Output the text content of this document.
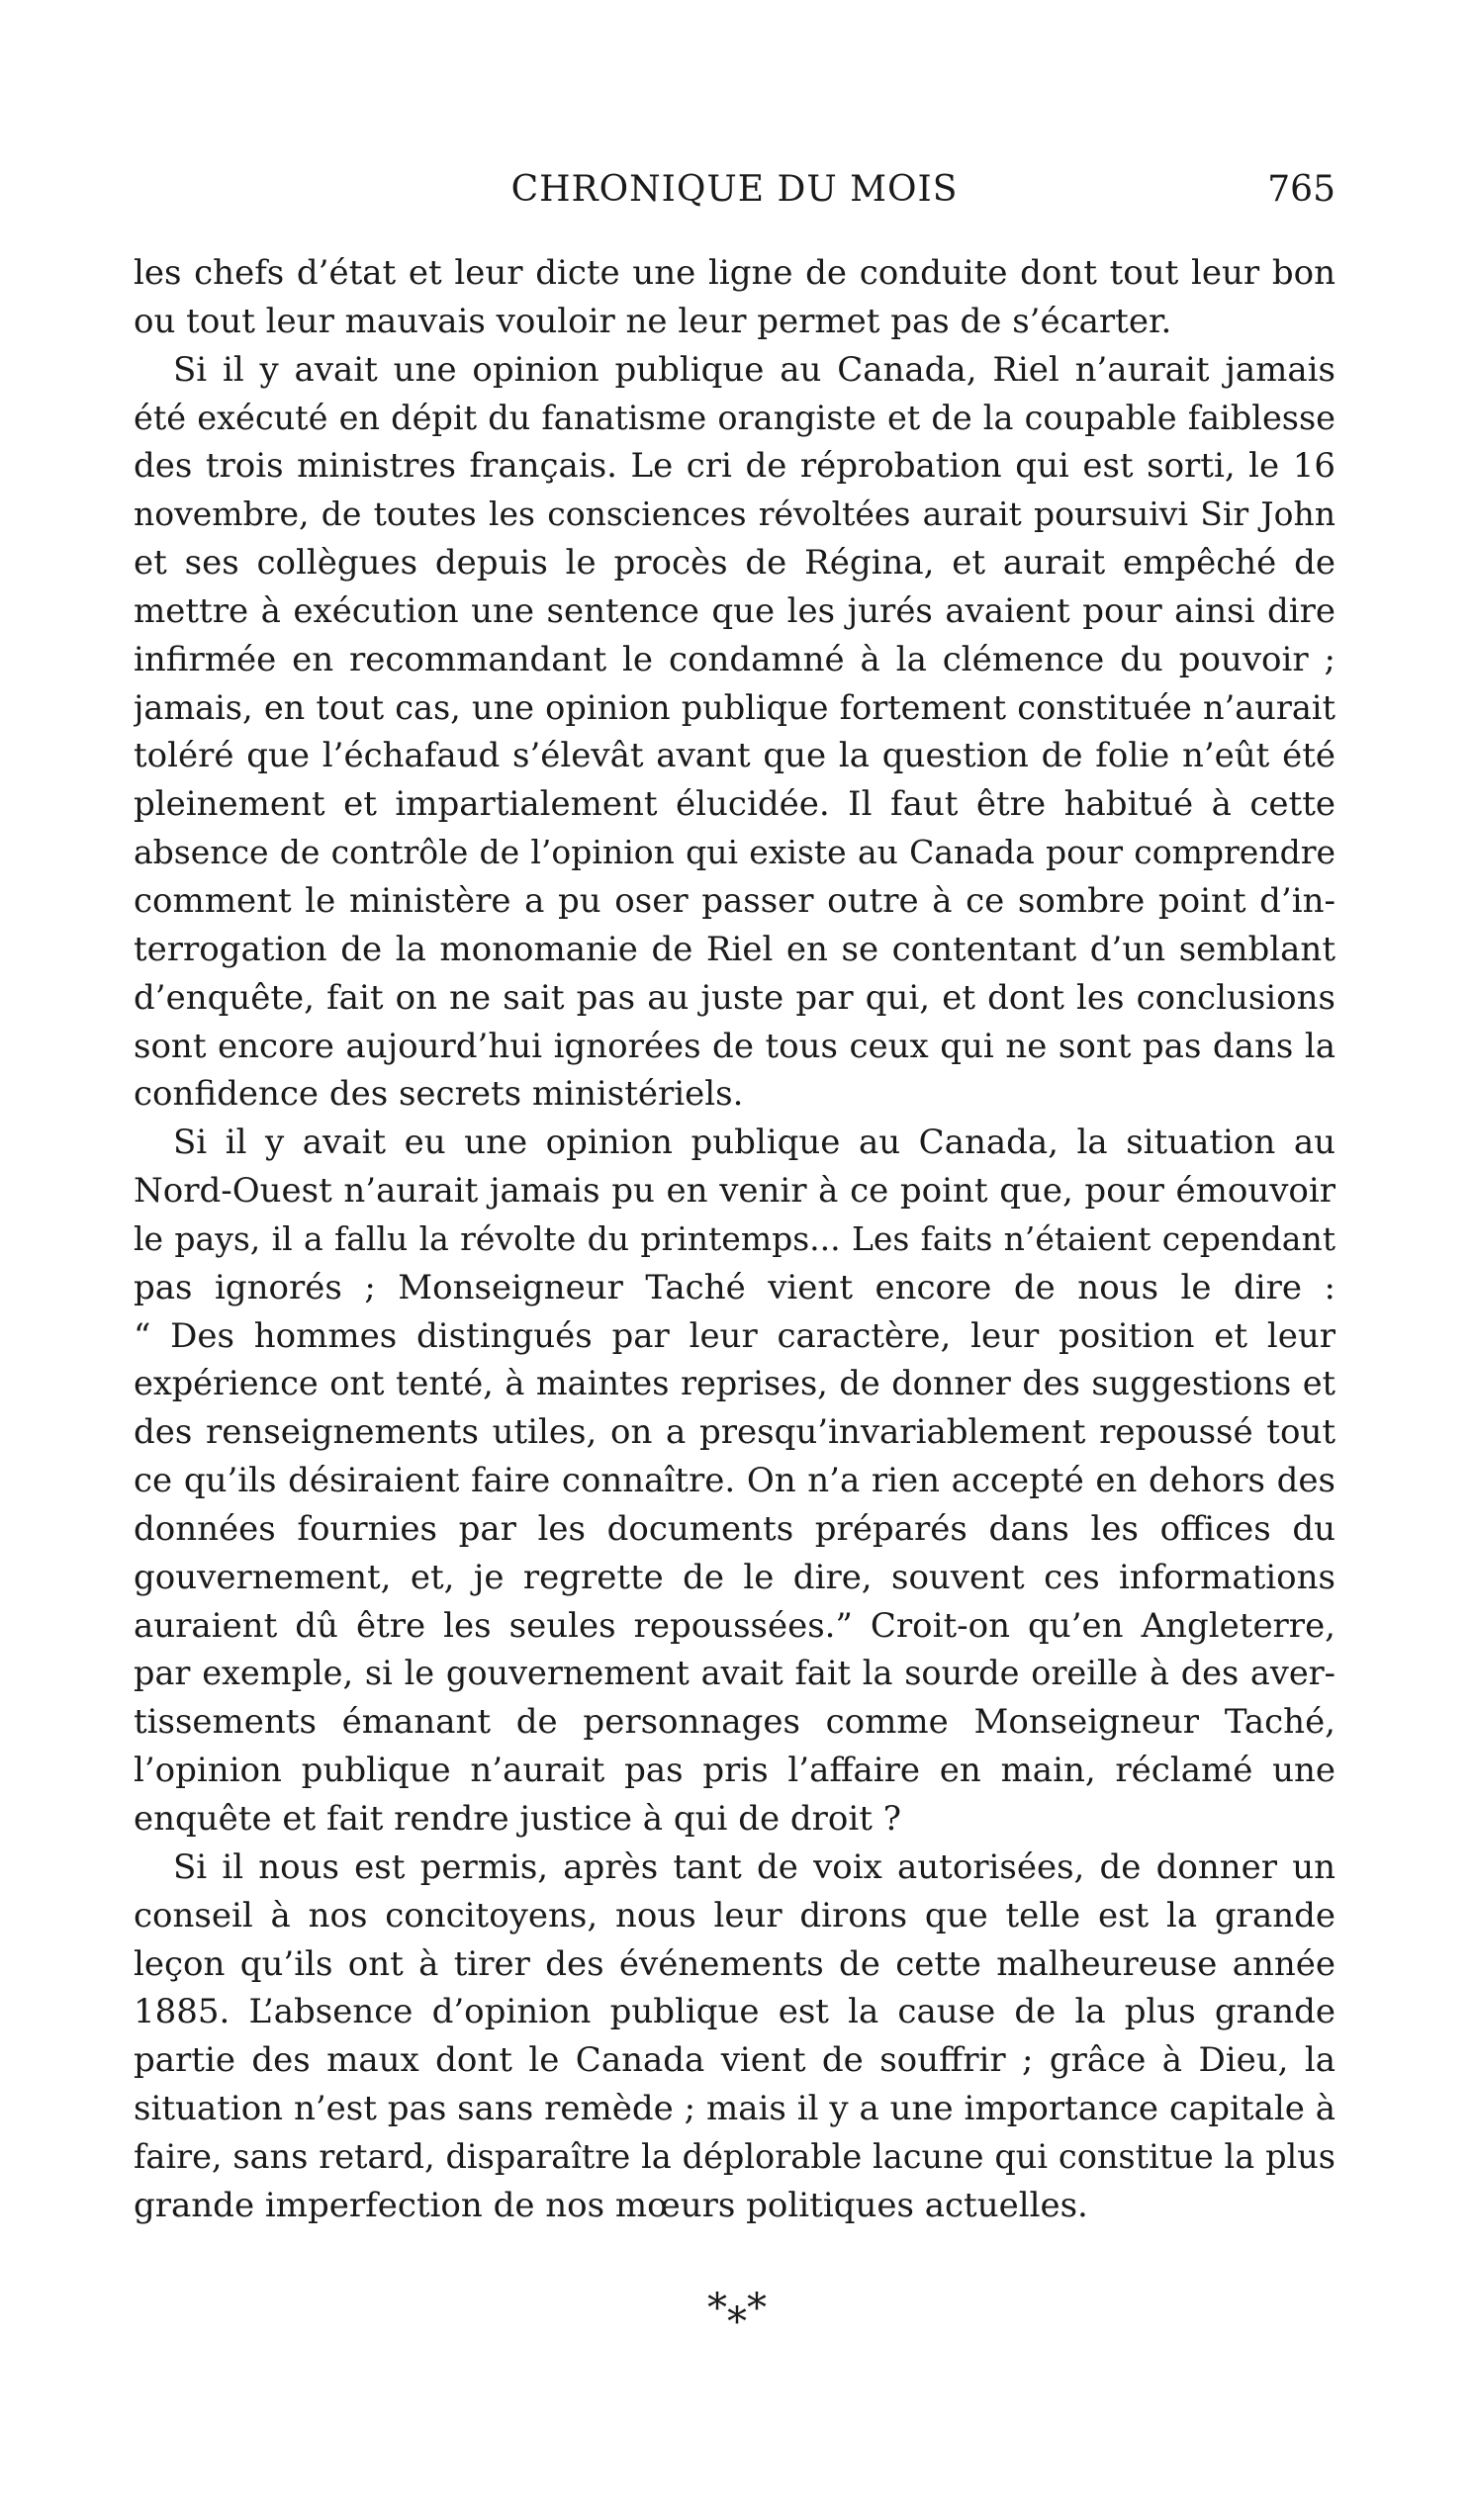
CHRONIQUE DU MOIS	765
les chefs d’état et leur dicte une ligne de conduite dont tout leur bon
ou tout leur mauvais vouloir ne leur permet pas de s’écarter.
Si il y avait une opinion publique au Canada, Riel n’aurait jamais
été exécuté en dépit du fanatisme orangiste et de la coupable faiblesse
des trois ministres français. Le cri de réprobation qui est sorti, le 16
novembre, de toutes les consciences révoltées aurait poursuivi Sir John
et ses collègues depuis le procès de Régina, et aurait empêché de
mettre à exécution une sentence que les jurés avaient pour ainsi dire
infirmée en recommandant le condamné à la clémence du pouvoir ;
jamais, en tout cas, une opinion publique fortement constituée n’aurait
toléré que l’échafaud s’élevât avant que la question de folie n’eût été
pleinement et impartialement élucidée. Il faut être habitué à cette
absence de contrôle de l’opinion qui existe au Canada pour comprendre
comment le ministère a pu oser passer outre à ce sombre point d’in-
terrogation de la monomanie de Riel en se contentant d’un semblant
d’enquête, fait on ne sait pas au juste par qui, et dont les conclusions
sont encore aujourd’hui ignorées de tous ceux qui ne sont pas dans la
confidence des secrets ministériels.
Si il y avait eu une opinion publique au Canada, la situation au
Nord-Ouest n’aurait jamais pu en venir à ce point que, pour émouvoir
le pays, il a fallu la révolte du printemps... Les faits n’étaient cependant
pas ignorés ; Monseigneur Taché vient encore de nous le dire :
“ Des hommes distingués par leur caractère, leur position et leur
expérience ont tenté, à maintes reprises, de donner des suggestions et
des renseignements utiles, on a presqu’invariablement repoussé tout
ce qu’ils désiraient faire connaître. On n’a rien accepté en dehors des
données fournies par les documents préparés dans les offices du
gouvernement, et, je regrette de le dire, souvent ces informations
auraient dû être les seules repoussées.” Croit-on qu’en Angleterre,
par exemple, si le gouvernement avait fait la sourde oreille à des aver-
tissements émanant de personnages comme Monseigneur Taché,
l’opinion publique n’aurait pas pris l’affaire en main, réclamé une
enquête et fait rendre justice à qui de droit ?
Si il nous est permis, après tant de voix autorisées, de donner un
conseil à nos concitoyens, nous leur dirons que telle est la grande
leçon qu’ils ont à tirer des événements de cette malheureuse année
1885. L’absence d’opinion publique est la cause de la plus grande
partie des maux dont le Canada vient de souffrir ; grâce à Dieu, la
situation n’est pas sans remède ; mais il y a une importance capitale à
faire, sans retard, disparaître la déplorable lacune qui constitue la plus
grande imperfection de nos mœurs politiques actuelles.
***
